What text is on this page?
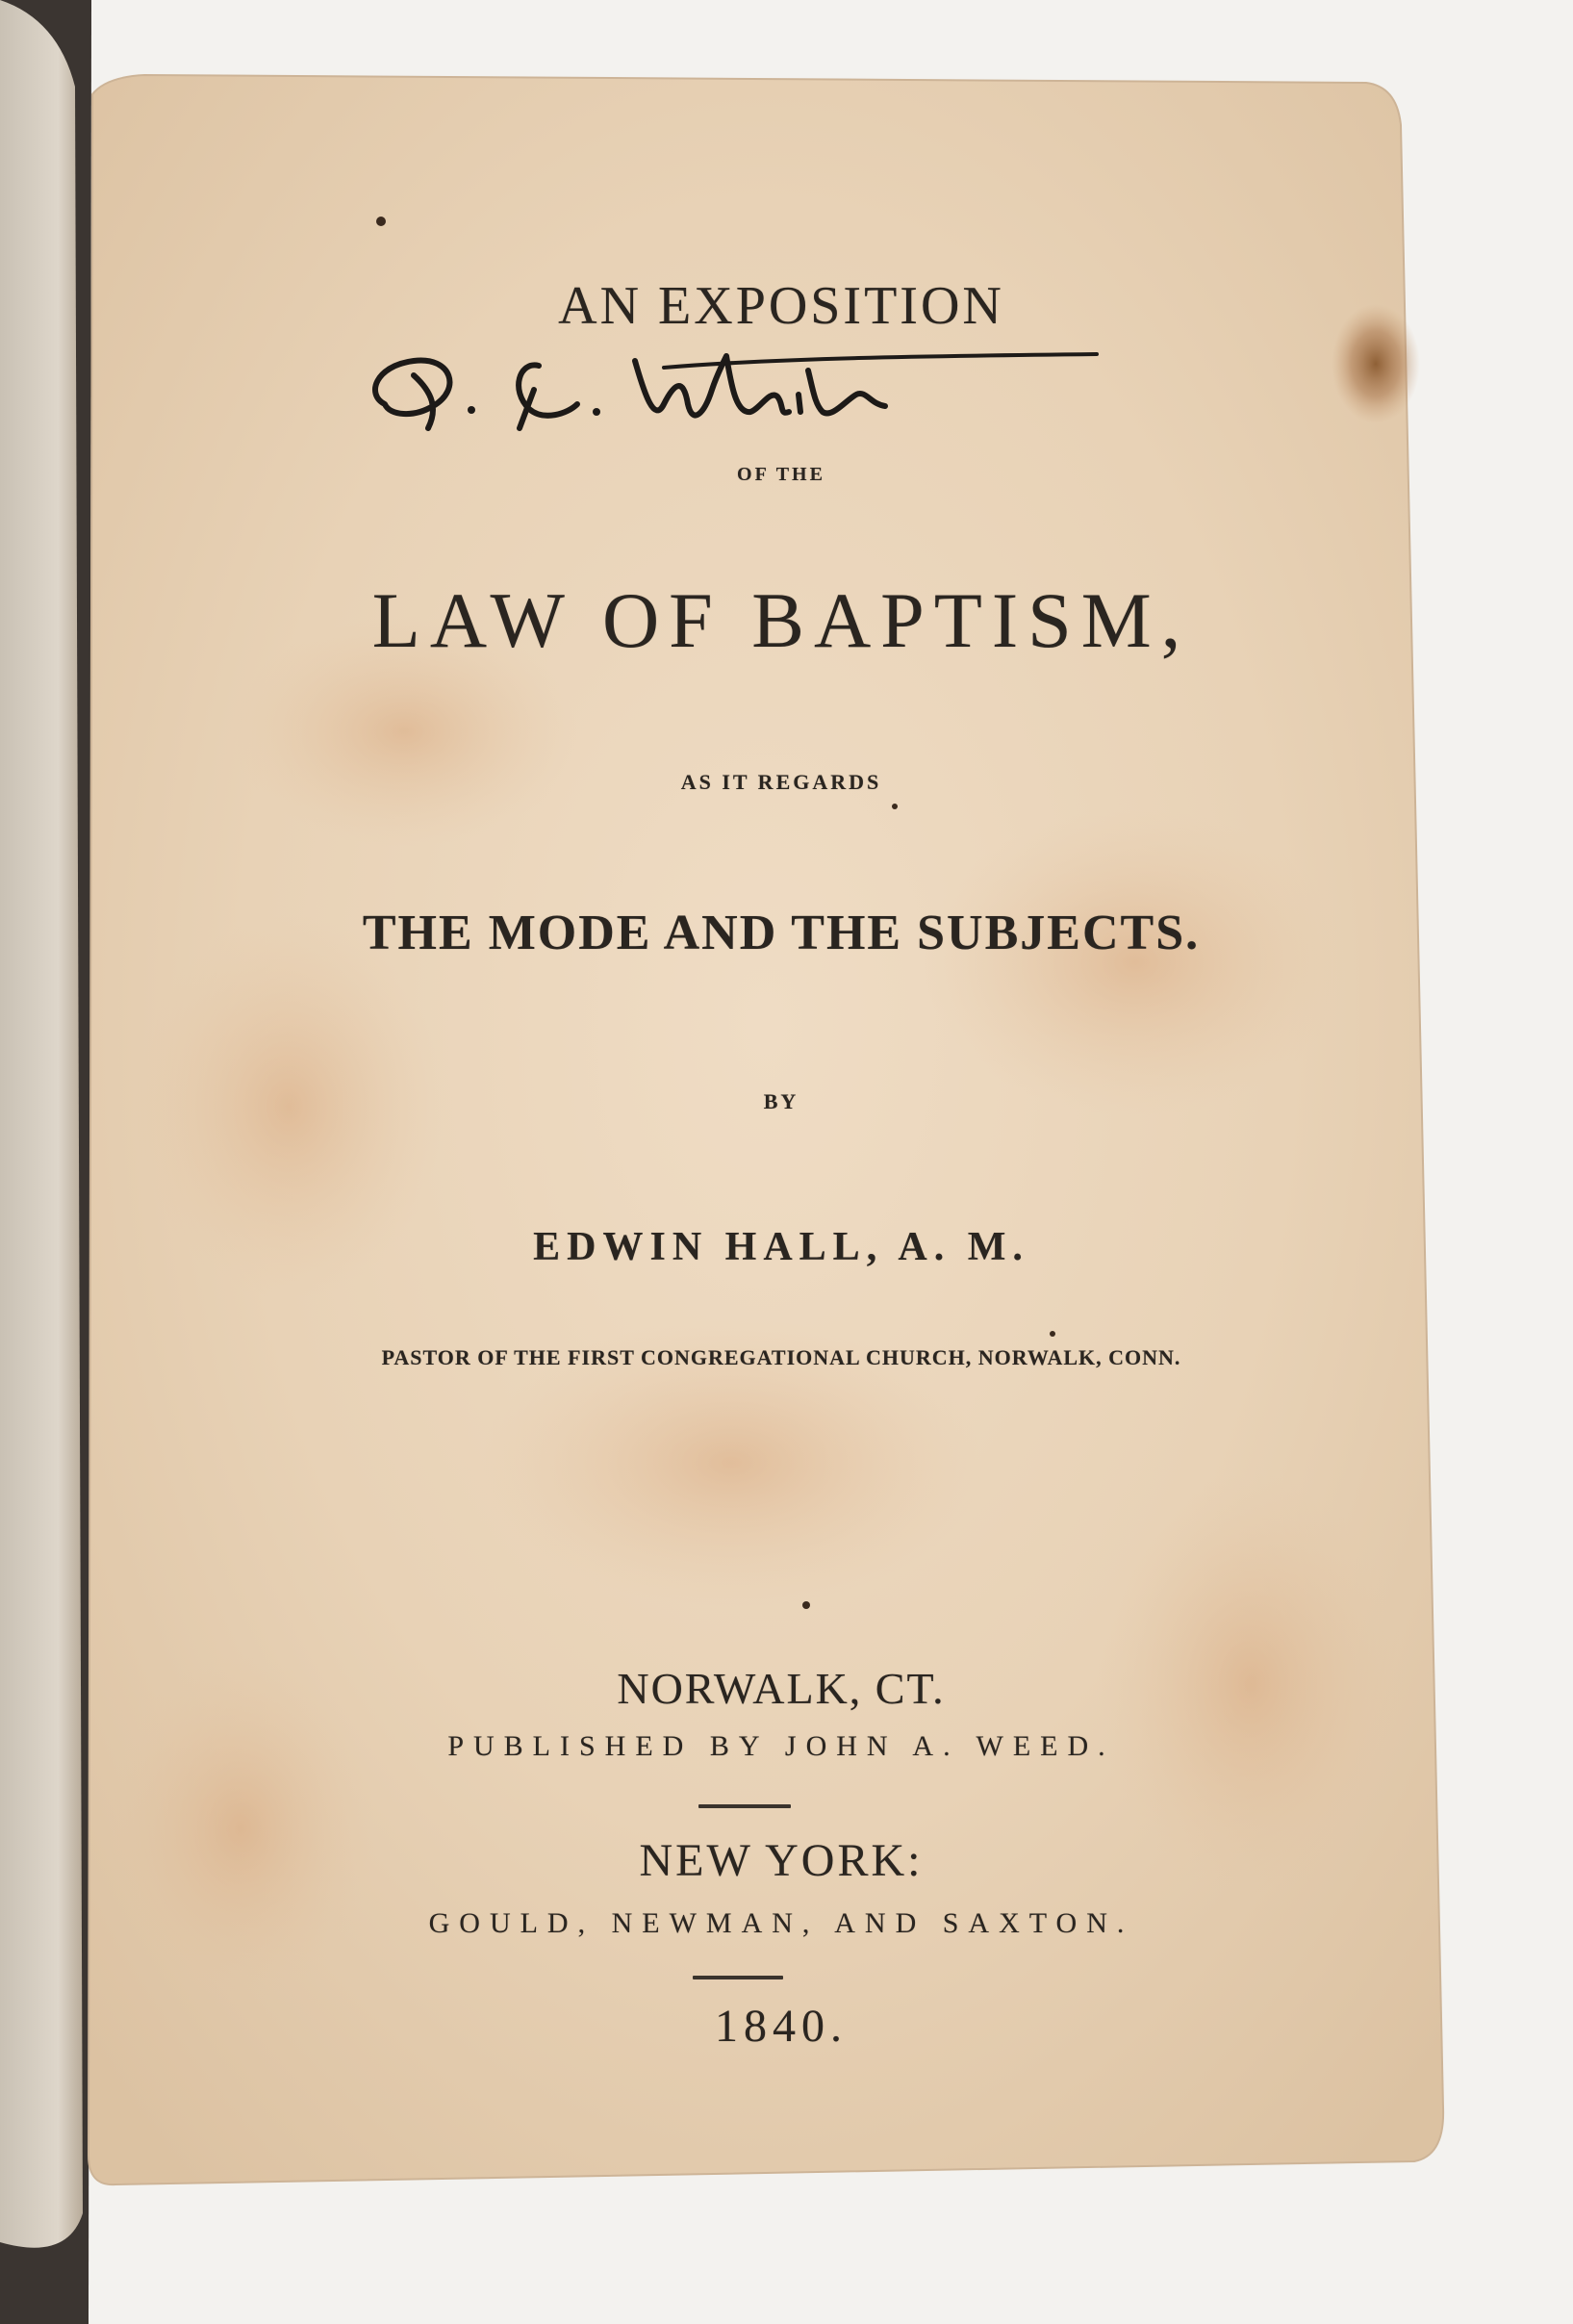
AN EXPOSITION
OF THE
LAW OF BAPTISM,
AS IT REGARDS
THE MODE AND THE SUBJECTS.
BY
EDWIN HALL, A. M.
PASTOR OF THE FIRST CONGREGATIONAL CHURCH, NORWALK, CONN.
NORWALK, CT.
PUBLISHED BY JOHN A. WEED.
NEW YORK:
GOULD, NEWMAN, AND SAXTON.
1840.
